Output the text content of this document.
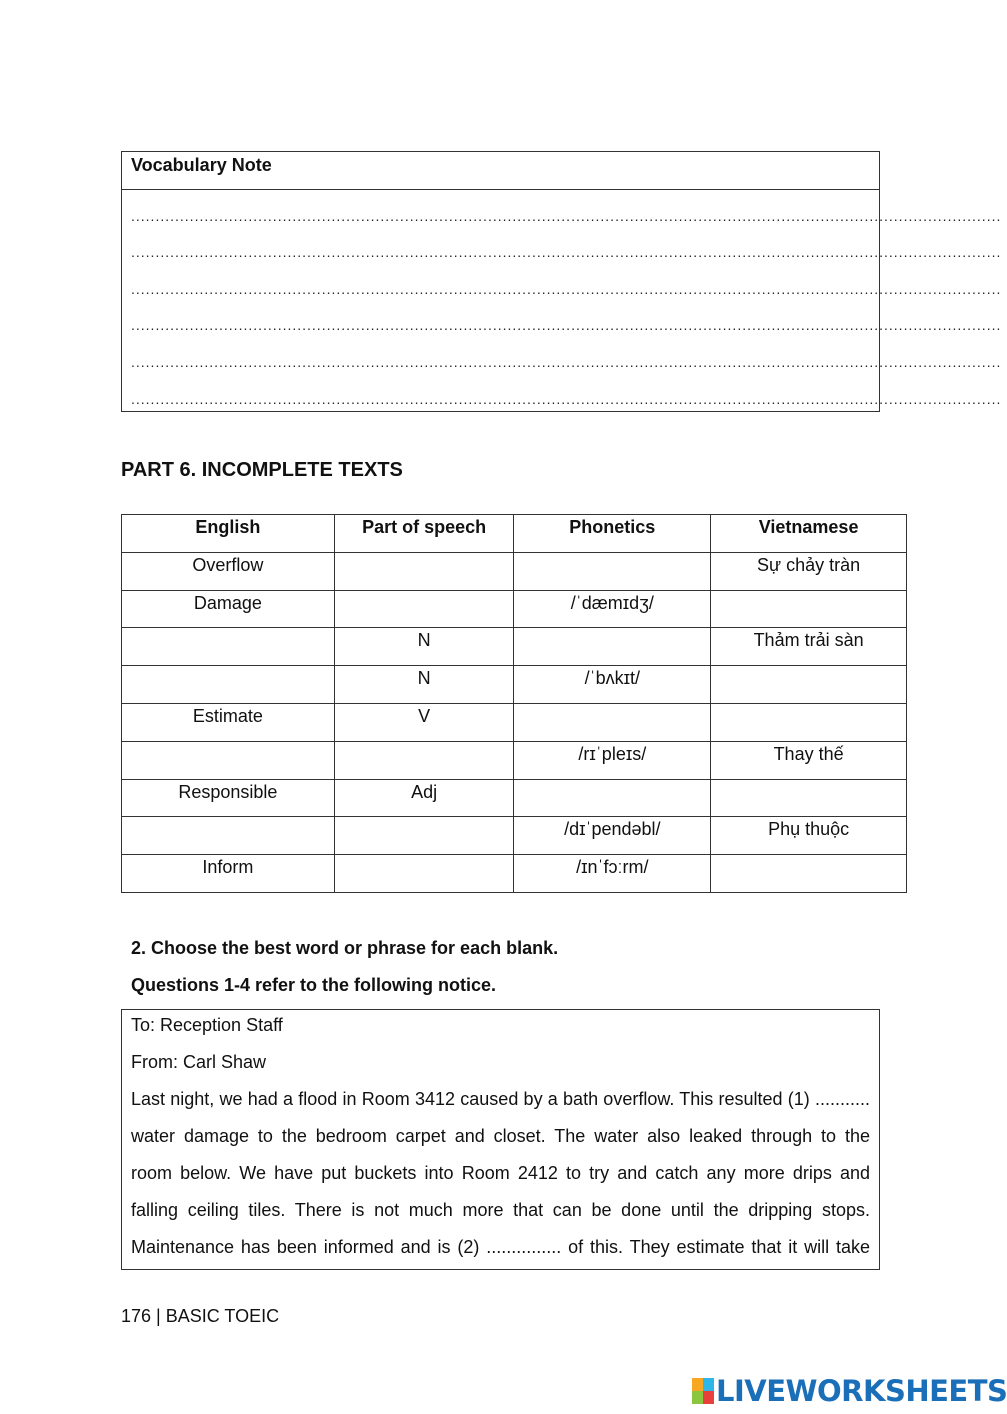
Vocabulary Note
..................................................................................................................................................................................
..................................................................................................................................................................................
..................................................................................................................................................................................
..................................................................................................................................................................................
..................................................................................................................................................................................
..................................................................................................................................................................................
PART 6. INCOMPLETE TEXTS
English	Part of speech	Phonetics	Vietnamese
Overflow			Sự chảy tràn
Damage		/ˈdæmɪdʒ/	
	N		Thảm trải sàn
	N	/ˈbʌkɪt/	
Estimate	V		
		/rɪˈpleɪs/	Thay thế
Responsible	Adj		
		/dɪˈpendəbl/	Phụ thuộc
Inform		/ɪnˈfɔːrm/	
2. Choose the best word or phrase for each blank.
Questions 1-4 refer to the following notice.
To: Reception Staff
From: Carl Shaw
Last night, we had a flood in Room 3412 caused by a bath overflow. This resulted (1) ...........
water damage to the bedroom carpet and closet. The water also leaked through to the
room below. We have put buckets into Room 2412 to try and catch any more drips and
falling ceiling tiles. There is not much more that can be done until the dripping stops.
Maintenance has been informed and is (2) ............... of this. They estimate that it will take
176 | BASIC TOEIC
LIVEWORKSHEETS
